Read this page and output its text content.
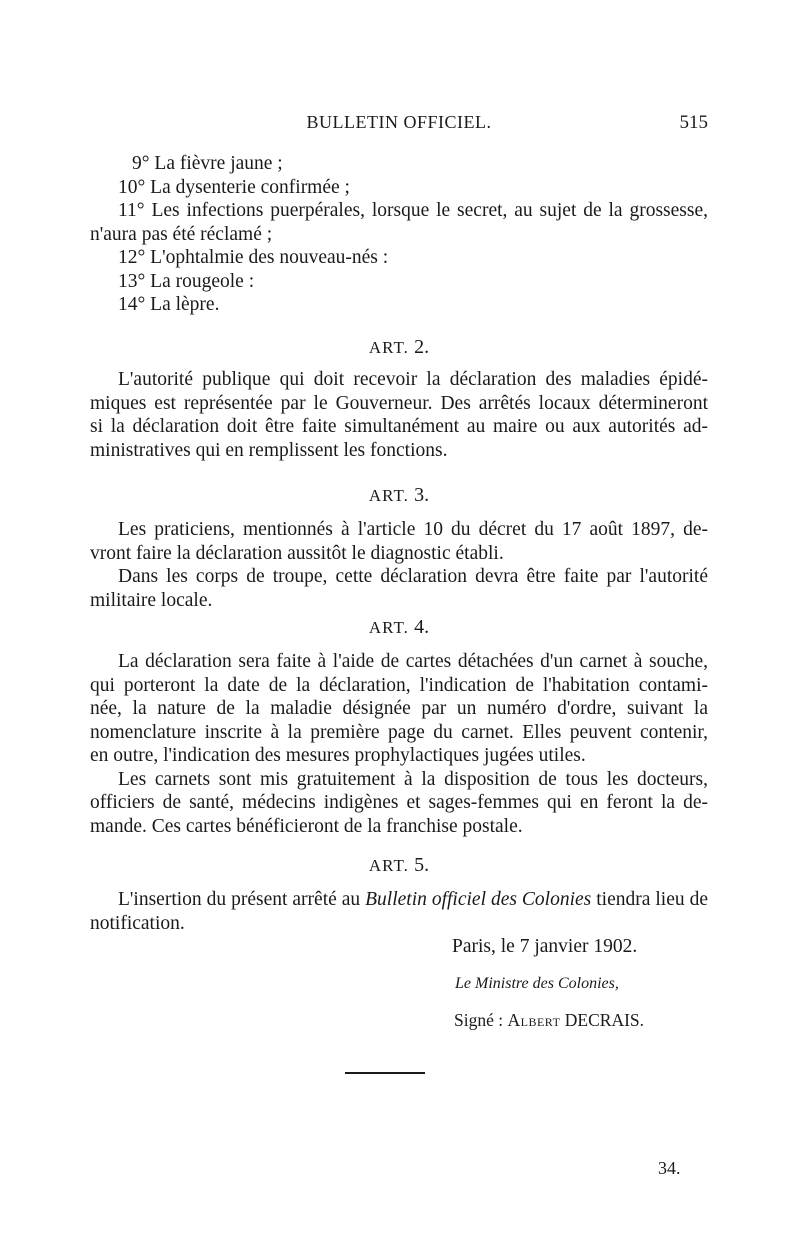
BULLETIN OFFICIEL.	515
9° La fièvre jaune ;
10° La dysenterie confirmée ;
11° Les infections puerpérales, lorsque le secret, au sujet de la grossesse,
n'aura pas été réclamé ;
12° L'ophtalmie des nouveau-nés :
13° La rougeole :
14° La lèpre.
ART. 2.
L'autorité publique qui doit recevoir la déclaration des maladies épidé-
miques est représentée par le Gouverneur. Des arrêtés locaux détermineront
si la déclaration doit être faite simultanément au maire ou aux autorités ad-
ministratives qui en remplissent les fonctions.
ART. 3.
Les praticiens, mentionnés à l'article 10 du décret du 17 août 1897, de-
vront faire la déclaration aussitôt le diagnostic établi.
Dans les corps de troupe, cette déclaration devra être faite par l'autorité
militaire locale.
ART. 4.
La déclaration sera faite à l'aide de cartes détachées d'un carnet à souche,
qui porteront la date de la déclaration, l'indication de l'habitation contami-
née, la nature de la maladie désignée par un numéro d'ordre, suivant la
nomenclature inscrite à la première page du carnet. Elles peuvent contenir,
en outre, l'indication des mesures prophylactiques jugées utiles.
Les carnets sont mis gratuitement à la disposition de tous les docteurs,
officiers de santé, médecins indigènes et sages-femmes qui en feront la de-
mande. Ces cartes bénéficieront de la franchise postale.
ART. 5.
L'insertion du présent arrêté au Bulletin officiel des Colonies tiendra lieu de
notification.
Paris, le 7 janvier 1902.
Le Ministre des Colonies,
Signé : Albert DECRAIS.
34.
